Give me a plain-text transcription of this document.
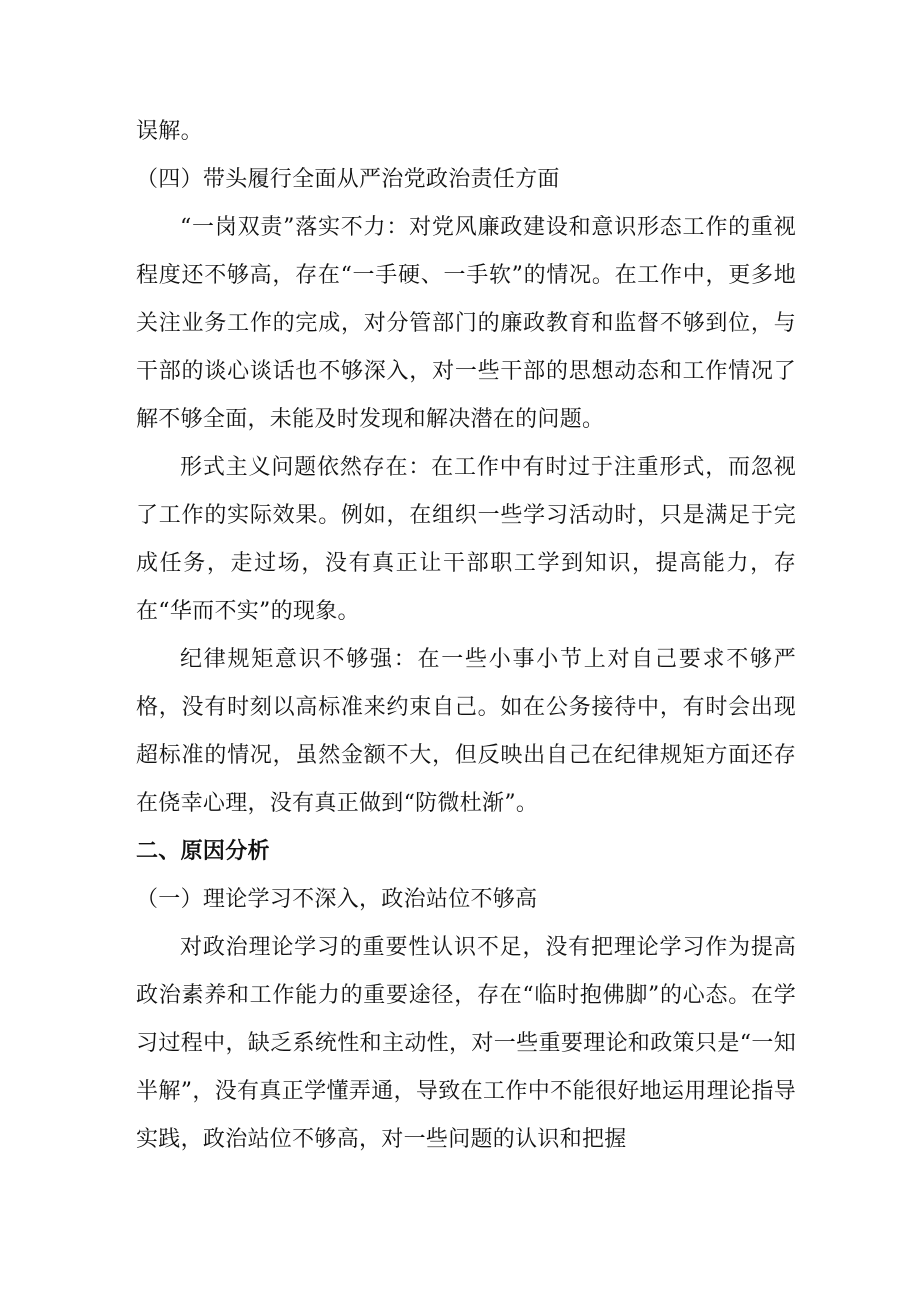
误解。

（四）带头履行全面从严治党政治责任方面

“一岗双责”落实不力：对党风廉政建设和意识形态工作的重视程度还不够高，存在“一手硬、一手软”的情况。在工作中，更多地关注业务工作的完成，对分管部门的廉政教育和监督不够到位，与干部的谈心谈话也不够深入，对一些干部的思想动态和工作情况了解不够全面，未能及时发现和解决潜在的问题。

形式主义问题依然存在：在工作中有时过于注重形式，而忽视了工作的实际效果。例如，在组织一些学习活动时，只是满足于完成任务，走过场，没有真正让干部职工学到知识，提高能力，存在“华而不实”的现象。

纪律规矩意识不够强：在一些小事小节上对自己要求不够严格，没有时刻以高标准来约束自己。如在公务接待中，有时会出现超标准的情况，虽然金额不大，但反映出自己在纪律规矩方面还存在侥幸心理，没有真正做到“防微杜渐”。

二、原因分析

（一）理论学习不深入，政治站位不够高

对政治理论学习的重要性认识不足，没有把理论学习作为提高政治素养和工作能力的重要途径，存在“临时抱佛脚”的心态。在学习过程中，缺乏系统性和主动性，对一些重要理论和政策只是“一知半解”，没有真正学懂弄通，导致在工作中不能很好地运用理论指导实践，政治站位不够高，对一些问题的认识和把握
